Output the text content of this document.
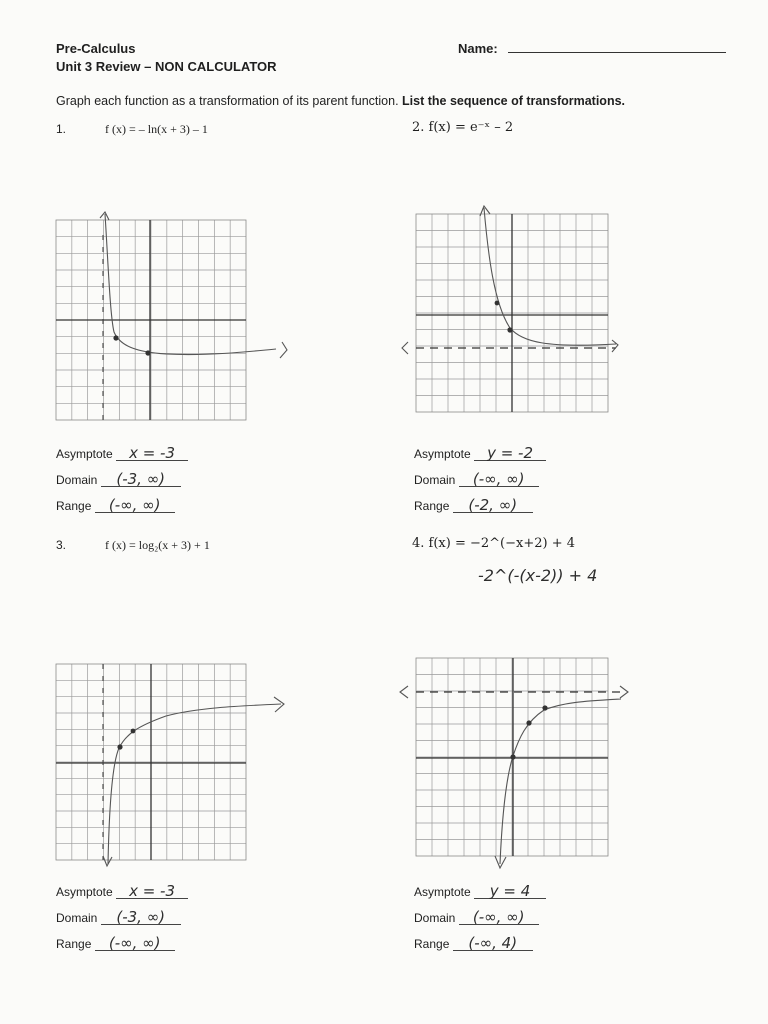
Pre-Calculus
Unit 3 Review – NON CALCULATOR
Name:
Graph each function as a transformation of its parent function. List the sequence of transformations.
1.	f (x) = – ln(x + 3) – 1	2. f(x) = e⁻ˣ – 2
Asymptote x = -3
Domain (-3, ∞)
Range (-∞, ∞)
Asymptote y = -2
Domain (-∞, ∞)
Range (-2, ∞)
3.	f (x) = log₂(x + 3) + 1	4. f(x) = −2^(−x+2) + 4
-2^(-(x-2)) + 4
Asymptote x = -3
Domain (-3, ∞)
Range (-∞, ∞)
Asymptote y = 4
Domain (-∞, ∞)
Range (-∞, 4)
